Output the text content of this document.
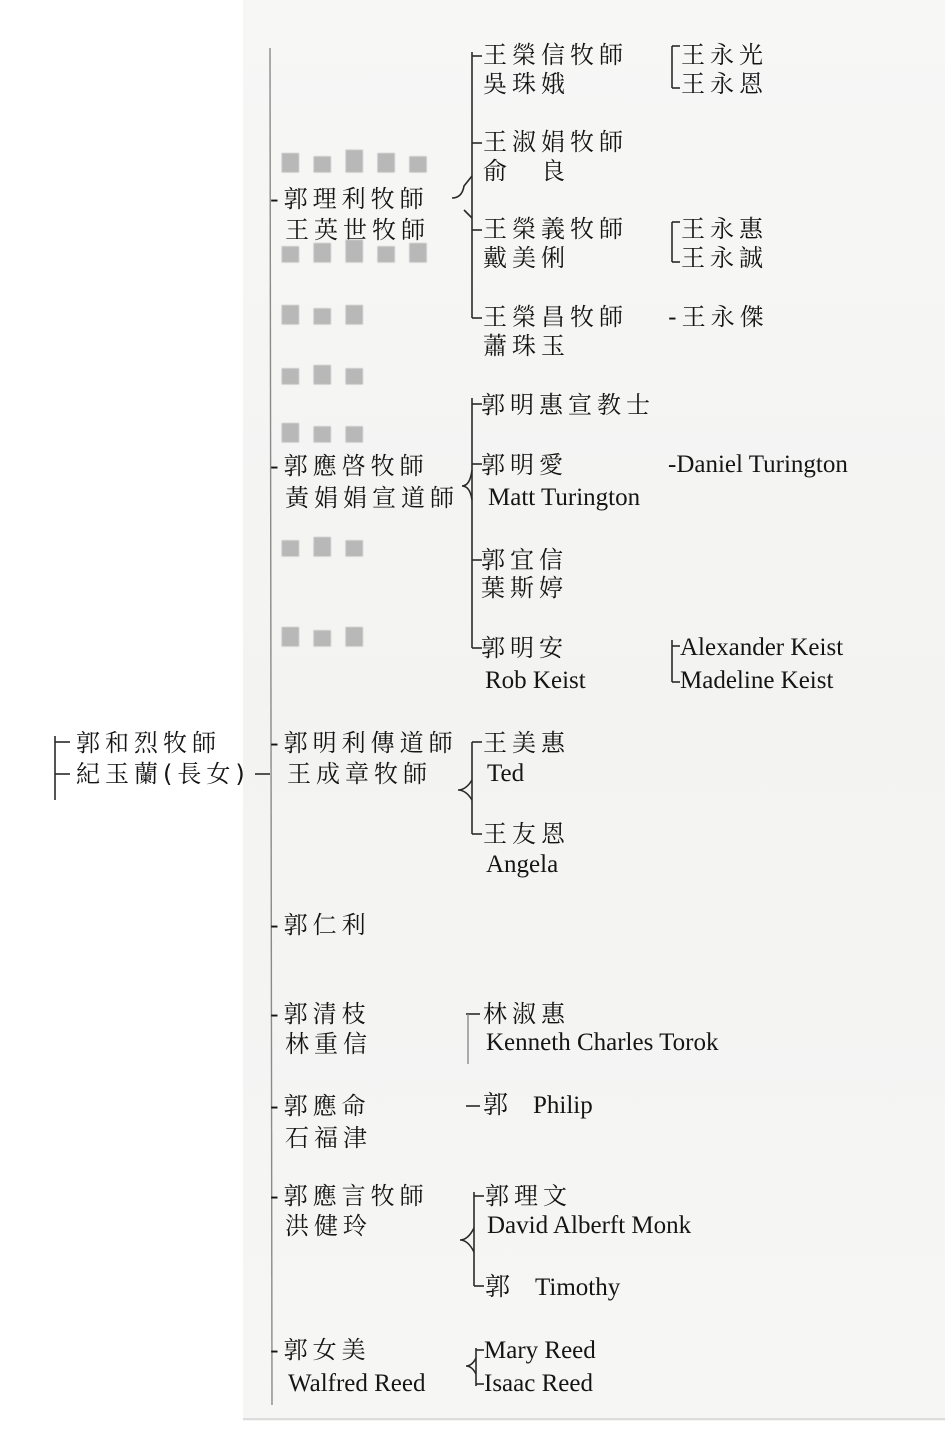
▆ ▅ ▇ ▆ ▅
▅ ▆ ▇ ▅ ▆
▆ ▅ ▆
▅ ▆ ▅
▆ ▅ ▅
▅ ▆ ▅
▆ ▅ ▆
郭和烈牧師
紀玉蘭(長女)
-郭理利牧師
王英世牧師
王榮信牧師
吳珠娥
王永光
王永恩
王淑娟牧師
俞　良
王榮義牧師
戴美俐
王永惠
王永誠
王榮昌牧師
蕭珠玉
-王永傑
-郭應啓牧師
黃娟娟宣道師
郭明惠宣教士
郭明愛
Matt Turington
-Daniel Turington
郭宜信
葉斯婷
郭明安
Rob Keist
Alexander Keist
Madeline Keist
-郭明利傳道師
王成章牧師
王美惠
Ted
王友恩
Angela
-郭仁利
-郭清枝
林重信
林淑惠
Kenneth Charles Torok
-郭應命
石福津
郭　Philip
-郭應言牧師
洪健玲
郭理文
David Alberft Monk
郭　Timothy
-郭女美
Walfred Reed
Mary Reed
Isaac Reed
